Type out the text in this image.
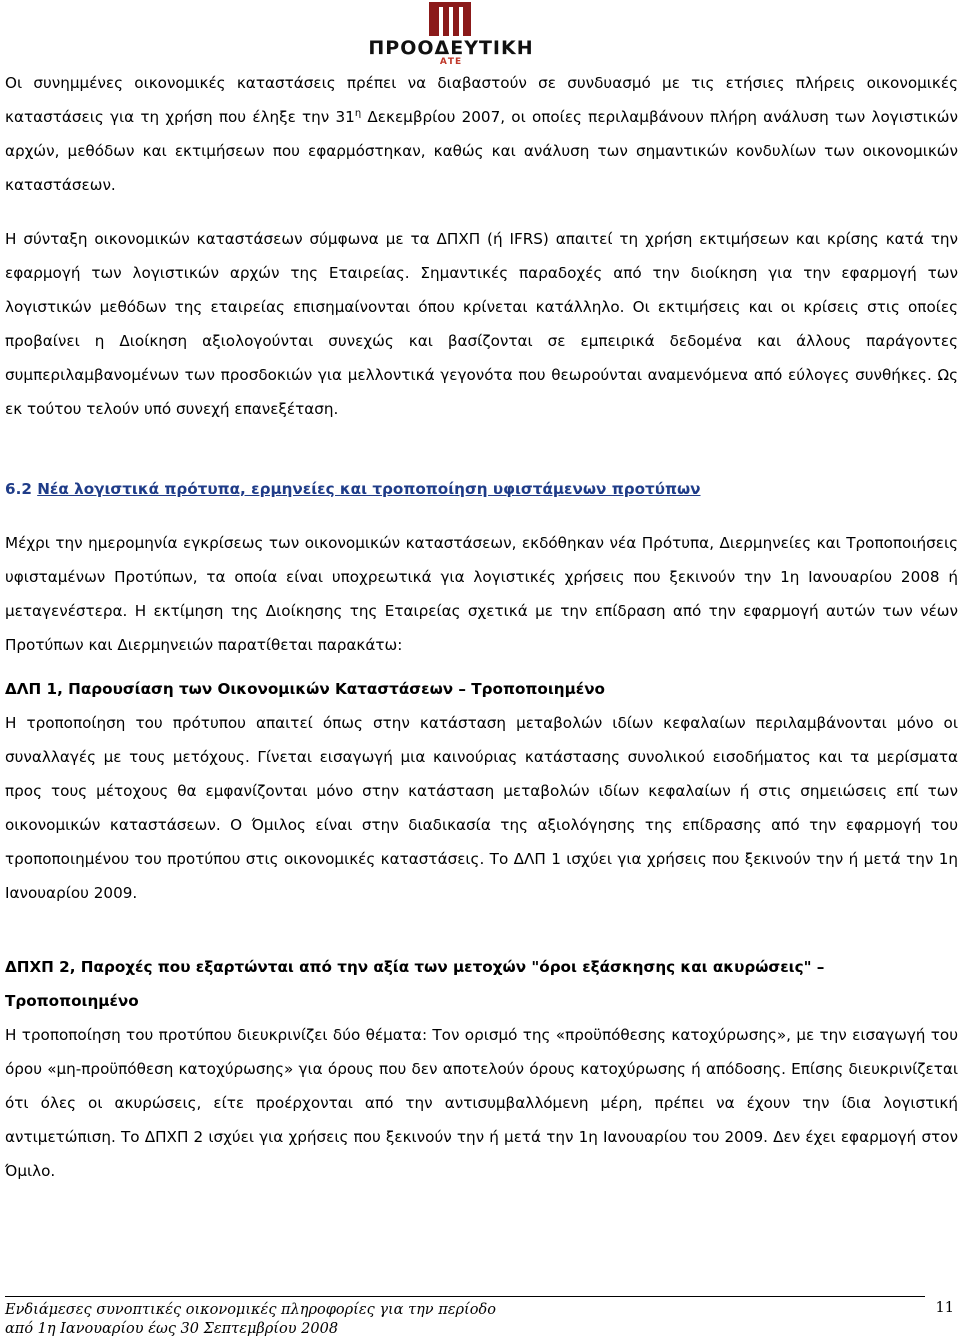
ΠΡΟΟΔΕΥΤΙΚΗ
ΑΤΕ

Οι συνημμένες οικονομικές καταστάσεις πρέπει να διαβαστούν σε συνδυασμό με τις ετήσιες πλήρεις οικονομικές καταστάσεις για τη χρήση που έληξε την $31^\eta$ Δεκεμβρίου 2007, οι οποίες περιλαμβάνουν πλήρη ανάλυση των λογιστικών αρχών, μεθόδων και εκτιμήσεων που εφαρμόστηκαν, καθώς και ανάλυση των σημαντικών κονδυλίων των οικονομικών καταστάσεων.

Η σύνταξη οικονομικών καταστάσεων σύμφωνα με τα ΔΠΧΠ (ή IFRS) απαιτεί τη χρήση εκτιμήσεων και κρίσης κατά την εφαρμογή των λογιστικών αρχών της Εταιρείας. Σημαντικές παραδοχές από την διοίκηση για την εφαρμογή των λογιστικών μεθόδων της εταιρείας επισημαίνονται όπου κρίνεται κατάλληλο. Οι εκτιμήσεις και οι κρίσεις στις οποίες προβαίνει η Διοίκηση αξιολογούνται συνεχώς και βασίζονται σε εμπειρικά δεδομένα και άλλους παράγοντες συμπεριλαμβανομένων των προσδοκιών για μελλοντικά γεγονότα που θεωρούνται αναμενόμενα από εύλογες συνθήκες. Ως εκ τούτου τελούν υπό συνεχή επανεξέταση.

6.2 Νέα λογιστικά πρότυπα, ερμηνείες και τροποποίηση υφιστάμενων προτύπων

Μέχρι την ημερομηνία εγκρίσεως των οικονομικών καταστάσεων, εκδόθηκαν νέα Πρότυπα, Διερμηνείες και Τροποποιήσεις υφισταμένων Προτύπων, τα οποία είναι υποχρεωτικά για λογιστικές χρήσεις που ξεκινούν την 1η Ιανουαρίου 2008 ή μεταγενέστερα. Η εκτίμηση της Διοίκησης της Εταιρείας σχετικά με την επίδραση από την εφαρμογή αυτών των νέων Προτύπων και Διερμηνειών παρατίθεται παρακάτω:

ΔΛΠ 1, Παρουσίαση των Οικονομικών Καταστάσεων – Τροποποιημένο

Η τροποποίηση του πρότυπου απαιτεί όπως στην κατάσταση μεταβολών ιδίων κεφαλαίων περιλαμβάνονται μόνο οι συναλλαγές με τους μετόχους. Γίνεται εισαγωγή μια καινούριας κατάστασης συνολικού εισοδήματος και τα μερίσματα προς τους μέτοχους θα εμφανίζονται μόνο στην κατάσταση μεταβολών ιδίων κεφαλαίων ή στις σημειώσεις επί των οικονομικών καταστάσεων. Ο Όμιλος είναι στην διαδικασία της αξιολόγησης της επίδρασης από την εφαρμογή του τροποποιημένου του προτύπου στις οικονομικές καταστάσεις. Το ΔΛΠ 1 ισχύει για χρήσεις που ξεκινούν την ή μετά την 1η Ιανουαρίου 2009.

ΔΠΧΠ 2, Παροχές που εξαρτώνται από την αξία των μετοχών "όροι εξάσκησης και ακυρώσεις" – Τροποποιημένο

Η τροποποίηση του προτύπου διευκρινίζει δύο θέματα: Τον ορισμό της «προϋπόθεσης κατοχύρωσης», με την εισαγωγή του όρου «μη-προϋπόθεση κατοχύρωσης» για όρους που δεν αποτελούν όρους κατοχύρωσης ή απόδοσης. Επίσης διευκρινίζεται ότι όλες οι ακυρώσεις, είτε προέρχονται από την αντισυμβαλλόμενη μέρη, πρέπει να έχουν την ίδια λογιστική αντιμετώπιση. Το ΔΠΧΠ 2 ισχύει για χρήσεις που ξεκινούν την ή μετά την 1η Ιανουαρίου του 2009. Δεν έχει εφαρμογή στον Όμιλο.

Ενδιάμεσες συνοπτικές οικονομικές πληροφορίες για την περίοδο
από 1η Ιανουαρίου έως 30 Σεπτεμβρίου 2008
11
